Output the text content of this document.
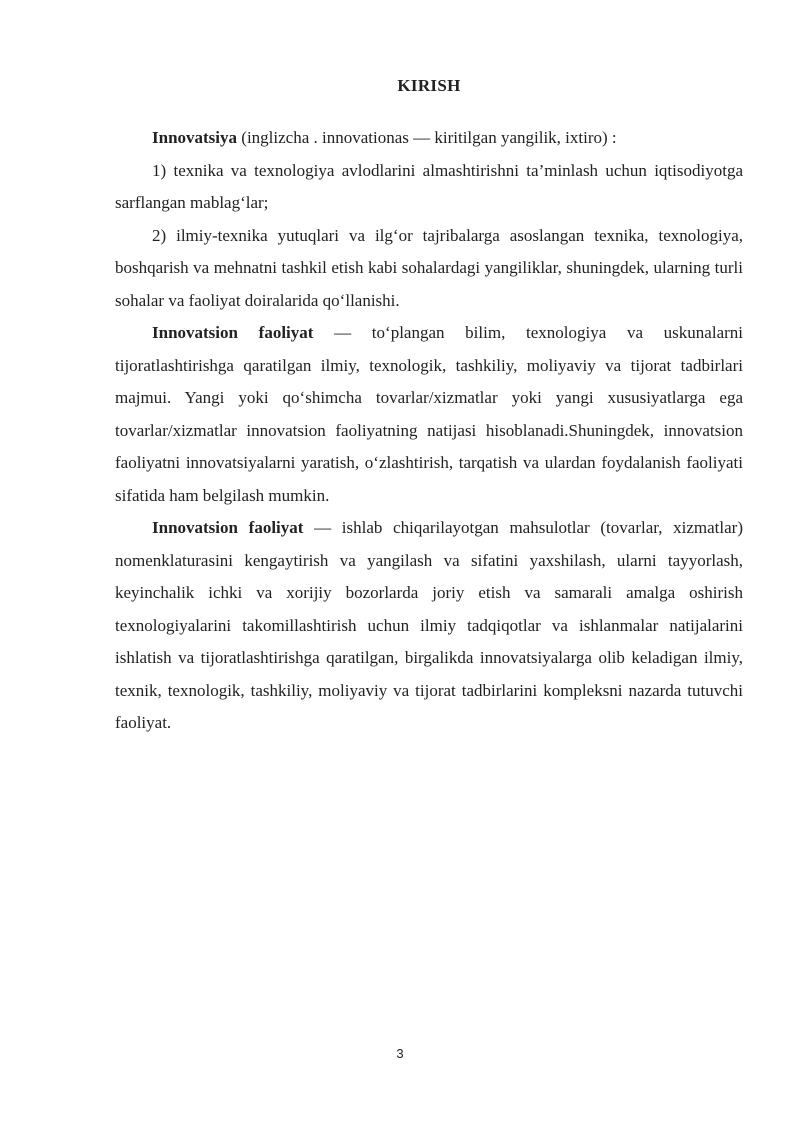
KIRISH

Innovatsiya (inglizcha . innovationas — kiritilgan yangilik, ixtiro) :

1) texnika va texnologiya avlodlarini almashtirishni ta’minlash uchun iqtisodiyotga sarflangan mablag‘lar;

2) ilmiy-texnika yutuqlari va ilg‘or tajribalarga asoslangan texnika, texnologiya, boshqarish va mehnatni tashkil etish kabi sohalardagi yangiliklar, shuningdek, ularning turli sohalar va faoliyat doiralarida qo‘llanishi.

Innovatsion faoliyat — to‘plangan bilim, texnologiya va uskunalarni tijoratlashtirishga qaratilgan ilmiy, texnologik, tashkiliy, moliyaviy va tijorat tadbirlari majmui. Yangi yoki qo‘shimcha tovarlar/xizmatlar yoki yangi xususiyatlarga ega tovarlar/xizmatlar innovatsion faoliyatning natijasi hisoblanadi.Shuningdek, innovatsion faoliyatni innovatsiyalarni yaratish, o‘zlashtirish, tarqatish va ulardan foydalanish faoliyati sifatida ham belgilash mumkin.

Innovatsion faoliyat — ishlab chiqarilayotgan mahsulotlar (tovarlar, xizmatlar) nomenklaturasini kengaytirish va yangilash va sifatini yaxshilash, ularni tayyorlash, keyinchalik ichki va xorijiy bozorlarda joriy etish va samarali amalga oshirish texnologiyalarini takomillashtirish uchun ilmiy tadqiqotlar va ishlanmalar natijalarini ishlatish va tijoratlashtirishga qaratilgan, birgalikda innovatsiyalarga olib keladigan ilmiy, texnik, texnologik, tashkiliy, moliyaviy va tijorat tadbirlarini kompleksni nazarda tutuvchi faoliyat.

3
